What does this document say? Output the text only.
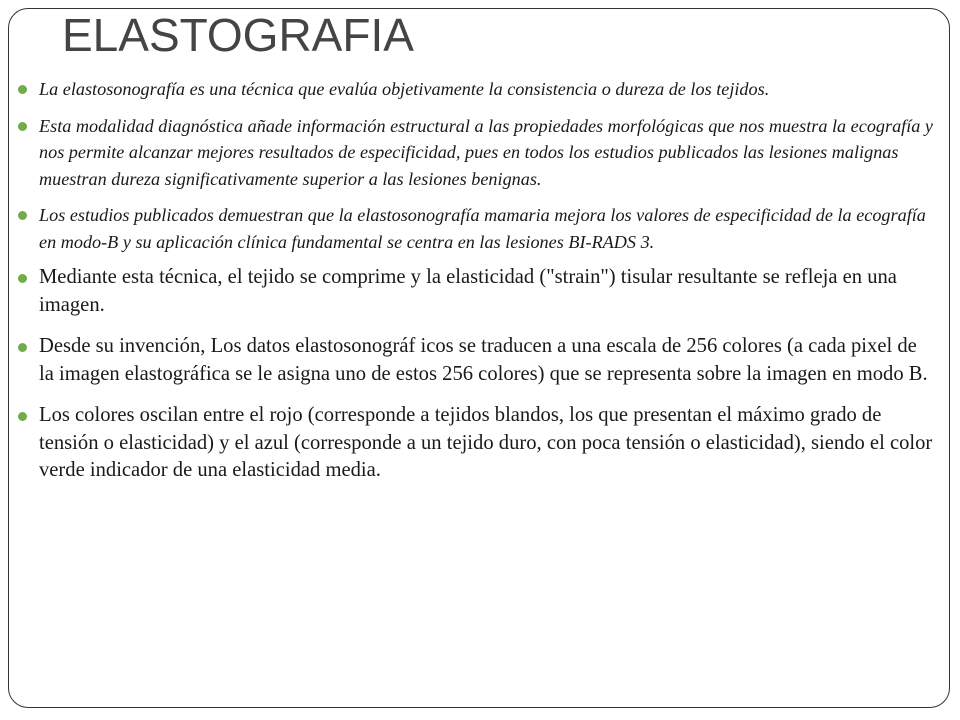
ELASTOGRAFIA
La elastosonografía es una técnica que evalúa objetivamente la consistencia o dureza de los tejidos.
Esta modalidad diagnóstica añade información estructural a las propiedades morfológicas que nos muestra la ecografía y nos permite alcanzar mejores resultados de especificidad, pues en todos los estudios publicados las lesiones malignas muestran dureza significativamente superior a las lesiones benignas.
Los estudios publicados demuestran que la elastosonografía mamaria mejora los valores de especificidad de la ecografía en modo-B y su aplicación clínica fundamental se centra en las lesiones BI-RADS 3.
Mediante esta técnica, el tejido se comprime y la elasticidad ("strain") tisular resultante se refleja en una imagen.
Desde su invención, Los datos elastosonográf icos se traducen a una escala de 256 colores (a cada pixel de la imagen elastográfica se le asigna uno de estos 256 colores) que se representa sobre la imagen en modo B.
Los colores oscilan entre el rojo (corresponde a tejidos blandos, los que presentan el máximo grado de tensión o elasticidad) y el azul (corresponde a un tejido duro, con poca tensión o elasticidad), siendo el color verde indicador de una elasticidad media.
